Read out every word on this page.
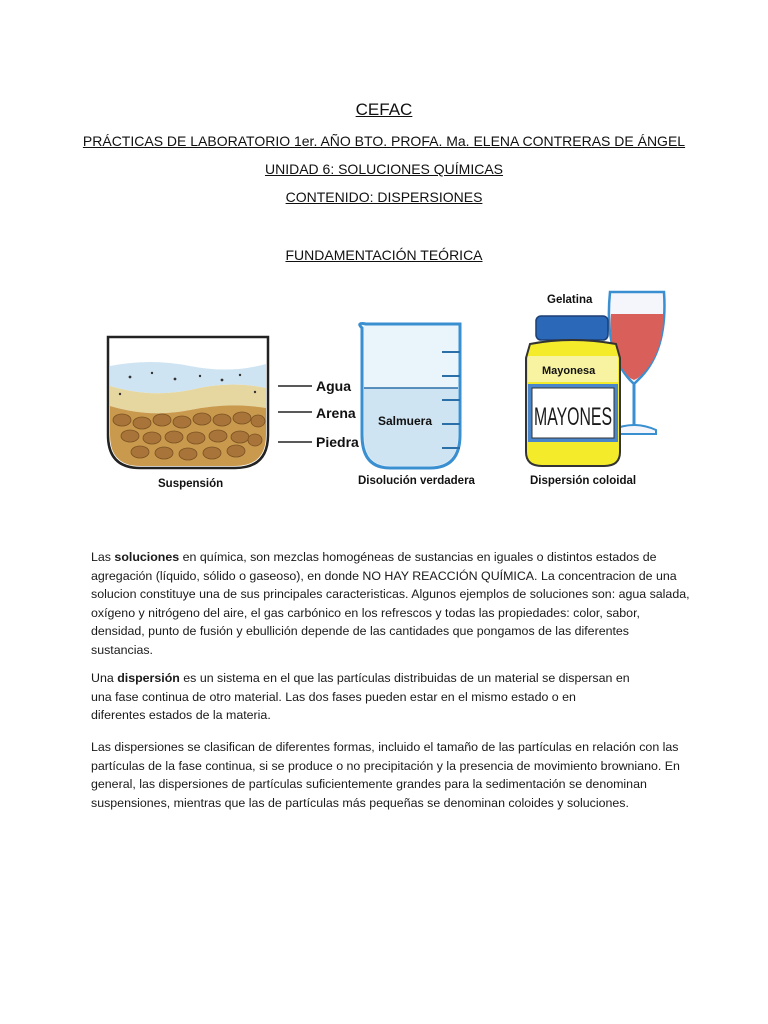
CEFAC
PRÁCTICAS DE LABORATORIO 1er. AÑO BTO. PROFA. Ma. ELENA CONTRERAS DE ÁNGEL
UNIDAD 6: SOLUCIONES QUÍMICAS
CONTENIDO: DISPERSIONES
FUNDAMENTACIÓN TEÓRICA
Agua
Arena
Piedra
Suspensión
Salmuera
Disolución verdadera
Gelatina
Mayonesa
MAYONES
Dispersión coloidal

Las soluciones en química, son mezclas homogéneas de sustancias en iguales o distintos estados de agregación (líquido, sólido o gaseoso), en donde NO HAY REACCIÓN QUÍMICA. La concentracion de una solucion constituye una de sus principales caracteristicas. Algunos ejemplos de soluciones son: agua salada, oxígeno y nitrógeno del aire, el gas carbónico en los refrescos y todas las propiedades: color, sabor, densidad, punto de fusión y ebullición depende de las cantidades que pongamos de las diferentes sustancias.

Una dispersión es un sistema en el que las partículas distribuidas de un material se dispersan en
una fase continua de otro material. Las dos fases pueden estar en el mismo estado o en
diferentes estados de la materia.

Las dispersiones se clasifican de diferentes formas, incluido el tamaño de las partículas en relación con las partículas de la fase continua, si se produce o no precipitación y la presencia de movimiento browniano. En general, las dispersiones de partículas suficientemente grandes para la sedimentación se denominan suspensiones, mientras que las de partículas más pequeñas se denominan coloides y soluciones.
